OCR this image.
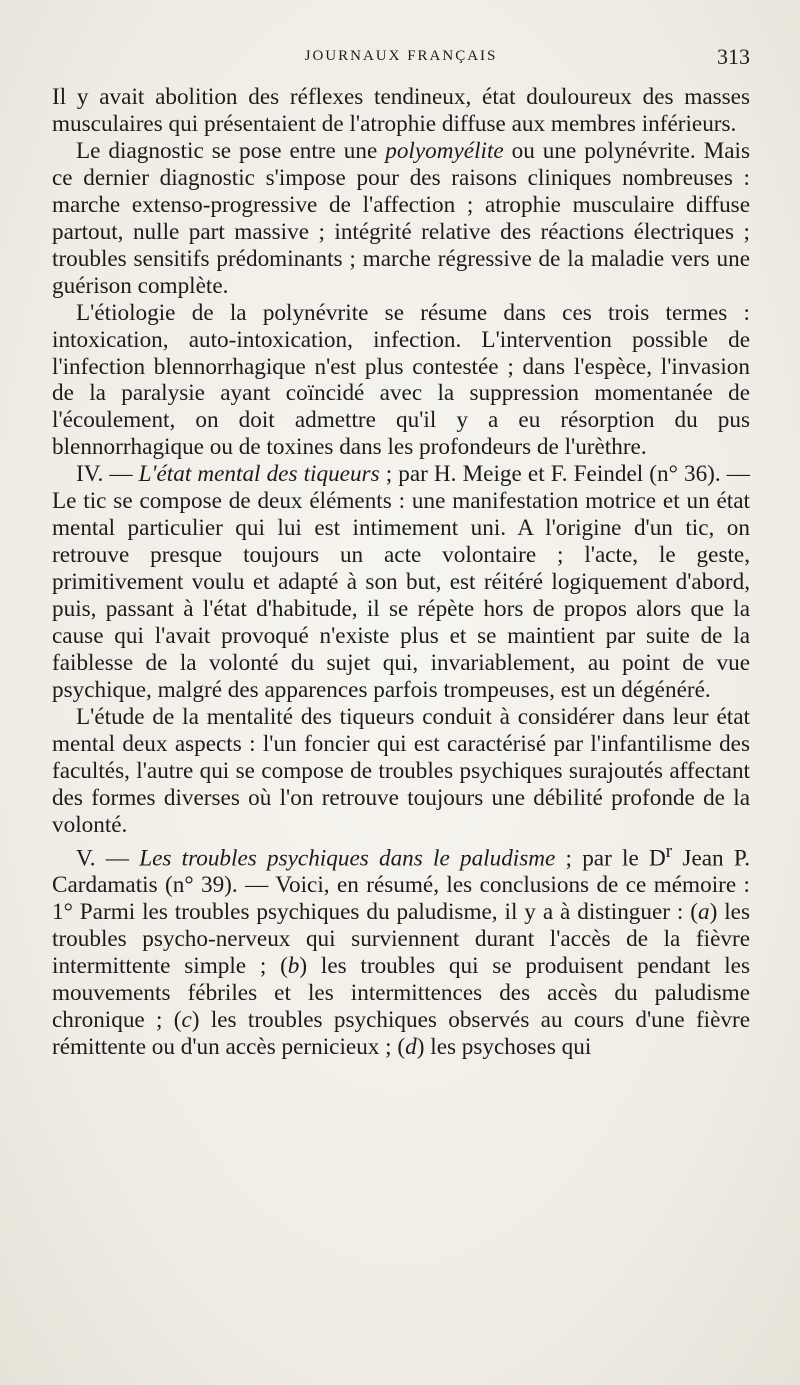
JOURNAUX FRANÇAIS	313

Il y avait abolition des réflexes tendineux, état douloureux des masses musculaires qui présentaient de l'atrophie diffuse aux membres inférieurs.

Le diagnostic se pose entre une polyomyélite ou une polynévrite. Mais ce dernier diagnostic s'impose pour des raisons cliniques nombreuses : marche extenso-progressive de l'affection ; atrophie musculaire diffuse partout, nulle part massive ; intégrité relative des réactions électriques ; troubles sensitifs prédominants ; marche régressive de la maladie vers une guérison complète.

L'étiologie de la polynévrite se résume dans ces trois termes : intoxication, auto-intoxication, infection. L'intervention possible de l'infection blennorrhagique n'est plus contestée ; dans l'espèce, l'invasion de la paralysie ayant coïncidé avec la suppression momentanée de l'écoulement, on doit admettre qu'il y a eu résorption du pus blennorrhagique ou de toxines dans les profondeurs de l'urèthre.

IV. — L'état mental des tiqueurs ; par H. Meige et F. Feindel (n° 36). — Le tic se compose de deux éléments : une manifestation motrice et un état mental particulier qui lui est intimement uni. A l'origine d'un tic, on retrouve presque toujours un acte volontaire ; l'acte, le geste, primitivement voulu et adapté à son but, est réitéré logiquement d'abord, puis, passant à l'état d'habitude, il se répète hors de propos alors que la cause qui l'avait provoqué n'existe plus et se maintient par suite de la faiblesse de la volonté du sujet qui, invariablement, au point de vue psychique, malgré des apparences parfois trompeuses, est un dégénéré.

L'étude de la mentalité des tiqueurs conduit à considérer dans leur état mental deux aspects : l'un foncier qui est caractérisé par l'infantilisme des facultés, l'autre qui se compose de troubles psychiques surajoutés affectant des formes diverses où l'on retrouve toujours une débilité profonde de la volonté.

V. — Les troubles psychiques dans le paludisme ; par le $D^r$ Jean P. Cardamatis (n° 39). — Voici, en résumé, les conclusions de ce mémoire : 1° Parmi les troubles psychiques du paludisme, il y a à distinguer : (a) les troubles psycho-nerveux qui surviennent durant l'accès de la fièvre intermittente simple ; (b) les troubles qui se produisent pendant les mouvements fébriles et les intermittences des accès du paludisme chronique ; (c) les troubles psychiques observés au cours d'une fièvre rémittente ou d'un accès pernicieux ; (d) les psychoses qui
